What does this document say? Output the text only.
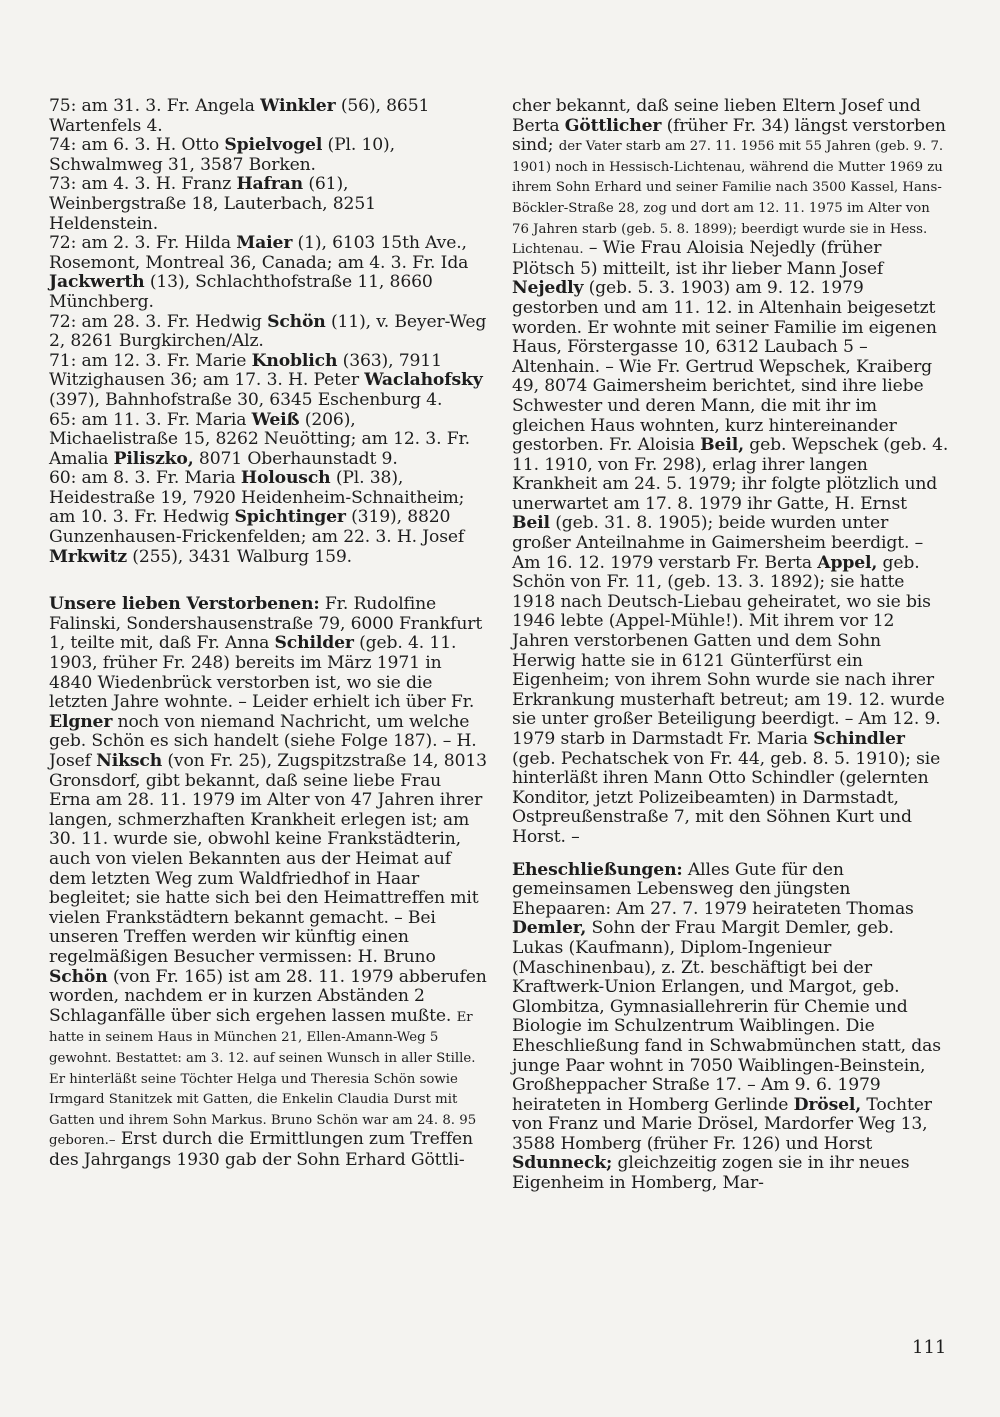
75: am 31. 3. Fr. Angela Winkler (56), 8651 Wartenfels 4.

74: am 6. 3. H. Otto Spielvogel (Pl. 10), Schwalmweg 31, 3587 Borken.

73: am 4. 3. H. Franz Hafran (61), Weinbergstraße 18, Lauterbach, 8251 Heldenstein.

72: am 2. 3. Fr. Hilda Maier (1), 6103 15th Ave., Rosemont, Montreal 36, Canada; am 4. 3. Fr. Ida Jackwerth (13), Schlachthofstraße 11, 8660 Münchberg.

72: am 28. 3. Fr. Hedwig Schön (11), v. Beyer-Weg 2, 8261 Burgkirchen/Alz.

71: am 12. 3. Fr. Marie Knoblich (363), 7911 Witzighausen 36; am 17. 3. H. Peter Waclahofsky (397), Bahnhofstraße 30, 6345 Eschenburg 4.

65: am 11. 3. Fr. Maria Weiß (206), Michaelistraße 15, 8262 Neuötting; am 12. 3. Fr. Amalia Piliszko, 8071 Oberhaunstadt 9.

60: am 8. 3. Fr. Maria Holousch (Pl. 38), Heidestraße 19, 7920 Heidenheim-Schnaitheim; am 10. 3. Fr. Hedwig Spichtinger (319), 8820 Gunzenhausen-Frickenfelden; am 22. 3. H. Josef Mrkwitz (255), 3431 Walburg 159.

Unsere lieben Verstorbenen: Fr. Rudolfine Falinski, Sondershausenstraße 79, 6000 Frankfurt 1, teilte mit, daß Fr. Anna Schilder (geb. 4. 11. 1903, früher Fr. 248) bereits im März 1971 in 4840 Wiedenbrück verstorben ist, wo sie die letzten Jahre wohnte. – Leider erhielt ich über Fr. Elgner noch von niemand Nachricht, um welche geb. Schön es sich handelt (siehe Folge 187). – H. Josef Niksch (von Fr. 25), Zugspitzstraße 14, 8013 Gronsdorf, gibt bekannt, daß seine liebe Frau Erna am 28. 11. 1979 im Alter von 47 Jahren ihrer langen, schmerzhaften Krankheit erlegen ist; am 30. 11. wurde sie, obwohl keine Frankstädterin, auch von vielen Bekannten aus der Heimat auf dem letzten Weg zum Waldfriedhof in Haar begleitet; sie hatte sich bei den Heimattreffen mit vielen Frankstädtern bekannt gemacht. – Bei unseren Treffen werden wir künftig einen regelmäßigen Besucher vermissen: H. Bruno Schön (von Fr. 165) ist am 28. 11. 1979 abberufen worden, nachdem er in kurzen Abständen 2 Schlaganfälle über sich ergehen lassen mußte. Er hatte in seinem Haus in München 21, Ellen-Amann-Weg 5 gewohnt. Bestattet: am 3. 12. auf seinen Wunsch in aller Stille. Er hinterläßt seine Töchter Helga und Theresia Schön sowie Irmgard Stanitzek mit Gatten, die Enkelin Claudia Durst mit Gatten und ihrem Sohn Markus. Bruno Schön war am 24. 8. 95 geboren.– Erst durch die Ermittlungen zum Treffen des Jahrgangs 1930 gab der Sohn Erhard Göttli-

cher bekannt, daß seine lieben Eltern Josef und Berta Göttlicher (früher Fr. 34) längst verstorben sind; der Vater starb am 27. 11. 1956 mit 55 Jahren (geb. 9. 7. 1901) noch in Hessisch-Lichtenau, während die Mutter 1969 zu ihrem Sohn Erhard und seiner Familie nach 3500 Kassel, Hans-Böckler-Straße 28, zog und dort am 12. 11. 1975 im Alter von 76 Jahren starb (geb. 5. 8. 1899); beerdigt wurde sie in Hess. Lichtenau. – Wie Frau Aloisia Nejedly (früher Plötsch 5) mitteilt, ist ihr lieber Mann Josef Nejedly (geb. 5. 3. 1903) am 9. 12. 1979 gestorben und am 11. 12. in Altenhain beigesetzt worden. Er wohnte mit seiner Familie im eigenen Haus, Förstergasse 10, 6312 Laubach 5 – Altenhain. – Wie Fr. Gertrud Wepschek, Kraiberg 49, 8074 Gaimersheim berichtet, sind ihre liebe Schwester und deren Mann, die mit ihr im gleichen Haus wohnten, kurz hintereinander gestorben. Fr. Aloisia Beil, geb. Wepschek (geb. 4. 11. 1910, von Fr. 298), erlag ihrer langen Krankheit am 24. 5. 1979; ihr folgte plötzlich und unerwartet am 17. 8. 1979 ihr Gatte, H. Ernst Beil (geb. 31. 8. 1905); beide wurden unter großer Anteilnahme in Gaimersheim beerdigt. – Am 16. 12. 1979 verstarb Fr. Berta Appel, geb. Schön von Fr. 11, (geb. 13. 3. 1892); sie hatte 1918 nach Deutsch-Liebau geheiratet, wo sie bis 1946 lebte (Appel-Mühle!). Mit ihrem vor 12 Jahren verstorbenen Gatten und dem Sohn Herwig hatte sie in 6121 Günterfürst ein Eigenheim; von ihrem Sohn wurde sie nach ihrer Erkrankung musterhaft betreut; am 19. 12. wurde sie unter großer Beteiligung beerdigt. – Am 12. 9. 1979 starb in Darmstadt Fr. Maria Schindler (geb. Pechatschek von Fr. 44, geb. 8. 5. 1910); sie hinterläßt ihren Mann Otto Schindler (gelernten Konditor, jetzt Polizeibeamten) in Darmstadt, Ostpreußenstraße 7, mit den Söhnen Kurt und Horst. –

Eheschließungen: Alles Gute für den gemeinsamen Lebensweg den jüngsten Ehepaaren: Am 27. 7. 1979 heirateten Thomas Demler, Sohn der Frau Margit Demler, geb. Lukas (Kaufmann), Diplom-Ingenieur (Maschinenbau), z. Zt. beschäftigt bei der Kraftwerk-Union Erlangen, und Margot, geb. Glombitza, Gymnasiallehrerin für Chemie und Biologie im Schulzentrum Waiblingen. Die Eheschließung fand in Schwabmünchen statt, das junge Paar wohnt in 7050 Waiblingen-Beinstein, Großheppacher Straße 17. – Am 9. 6. 1979 heirateten in Homberg Gerlinde Drösel, Tochter von Franz und Marie Drösel, Mardorfer Weg 13, 3588 Homberg (früher Fr. 126) und Horst Sdunneck; gleichzeitig zogen sie in ihr neues Eigenheim in Homberg, Mar-

111
